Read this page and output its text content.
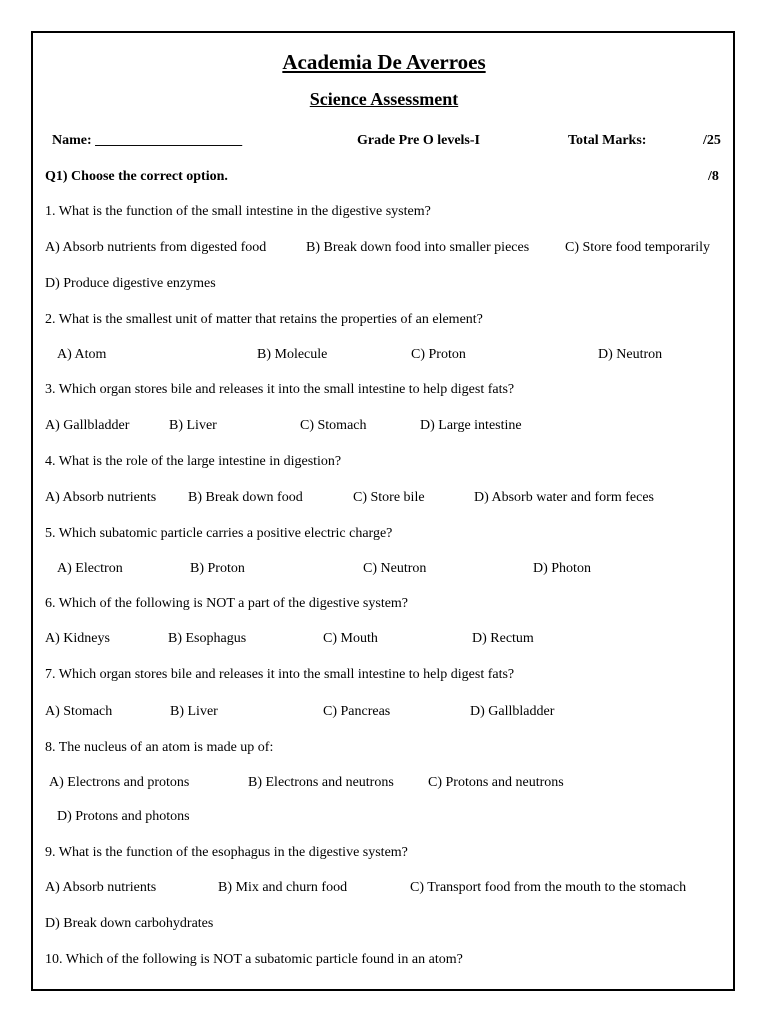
Academia De Averroes
Science Assessment
Name: _____________________	Grade Pre O levels-I	Total Marks:	/25
Q1) Choose the correct option.	/8
1. What is the function of the small intestine in the digestive system?
A) Absorb nutrients from digested food	B) Break down food into smaller pieces	C) Store food temporarily
D) Produce digestive enzymes
2. What is the smallest unit of matter that retains the properties of an element?
A) Atom	B) Molecule	C) Proton	D) Neutron
3. Which organ stores bile and releases it into the small intestine to help digest fats?
A) Gallbladder	B) Liver	C) Stomach	D) Large intestine
4. What is the role of the large intestine in digestion?
A) Absorb nutrients B) Break down food	C) Store bile	D) Absorb water and form feces
5. Which subatomic particle carries a positive electric charge?
A) Electron	B) Proton	C) Neutron	D) Photon
6. Which of the following is NOT a part of the digestive system?
A) Kidneys	B) Esophagus	C) Mouth	D) Rectum
7. Which organ stores bile and releases it into the small intestine to help digest fats?
A) Stomach	B) Liver	C) Pancreas	D) Gallbladder
8. The nucleus of an atom is made up of:
A) Electrons and protons	B) Electrons and neutrons C) Protons and neutrons
D) Protons and photons
9. What is the function of the esophagus in the digestive system?
A) Absorb nutrients	B) Mix and churn food	C) Transport food from the mouth to the stomach
D) Break down carbohydrates
10. Which of the following is NOT a subatomic particle found in an atom?
